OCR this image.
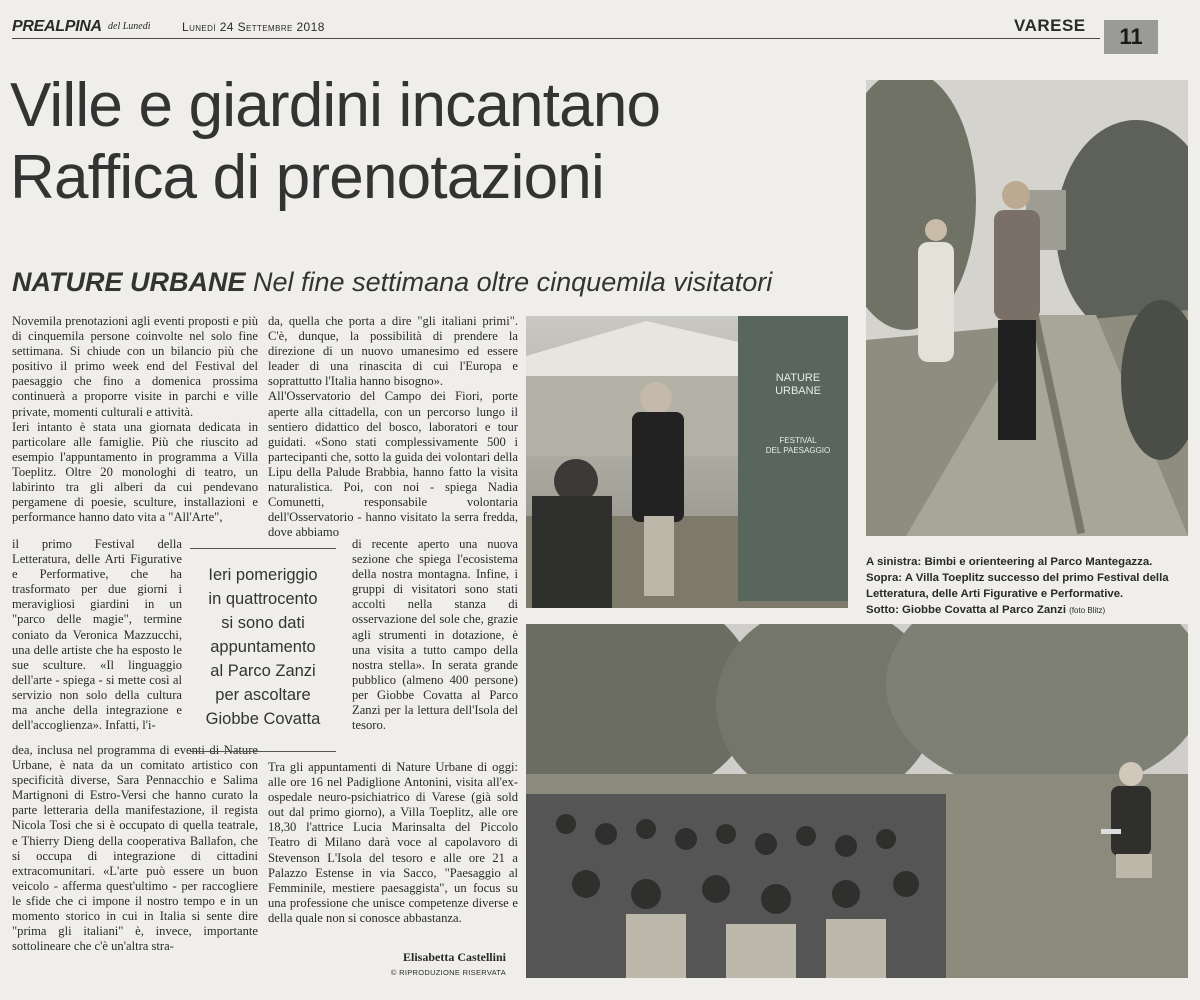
PREALPINA del Lunedì	Lunedì 24 Settembre 2018	VARESE	11
Ville e giardini incantano
Raffica di prenotazioni
NATURE URBANE Nel fine settimana oltre cinquemila visitatori

Novemila prenotazioni agli eventi proposti e più di cinquemila persone coinvolte nel solo fine settimana. Si chiude con un bilancio più che positivo il primo week end del Festival del paesaggio che fino a domenica prossima continuerà a proporre visite in parchi e ville private, momenti culturali e attività.

Ieri intanto è stata una giornata dedicata in particolare alle famiglie. Più che riuscito ad esempio l'appuntamento in programma a Villa Toeplitz. Oltre 20 monologhi di teatro, un labirinto tra gli alberi da cui pendevano pergamene di poesie, sculture, installazioni e performance hanno dato vita a "All'Arte",

il primo Festival della Letteratura, delle Arti Figurative e Performative, che ha trasformato per due giorni i meravigliosi giardini in un "parco delle magie", termine coniato da Veronica Mazzucchi, una delle artiste che ha esposto le sue sculture. «Il linguaggio dell'arte - spiega - si mette così al servizio non solo della cultura ma anche della integrazione e dell'accoglienza». Infatti, l'i-

dea, inclusa nel programma di eventi di Nature Urbane, è nata da un comitato artistico con specificità diverse, Sara Pennacchio e Salima Martignoni di Estro-Versi che hanno curato la parte letteraria della manifestazione, il regista Nicola Tosi che si è occupato di quella teatrale, e Thierry Dieng della cooperativa Ballafon, che si occupa di integrazione di cittadini extracomunitari. «L'arte può essere un buon veicolo - afferma quest'ultimo - per raccogliere le sfide che ci impone il nostro tempo e in un momento storico in cui in Italia si sente dire "prima gli italiani" è, invece, importante sottolineare che c'è un'altra stra-

Ieri pomeriggio
in quattrocento
si sono dati
appuntamento
al Parco Zanzi
per ascoltare
Giobbe Covatta

da, quella che porta a dire "gli italiani primi". C'è, dunque, la possibilità di prendere la direzione di un nuovo umanesimo ed essere leader di una rinascita di cui l'Europa e soprattutto l'Italia hanno bisogno».

All'Osservatorio del Campo dei Fiori, porte aperte alla cittadella, con un percorso lungo il sentiero didattico del bosco, laboratori e tour guidati. «Sono stati complessivamente 500 i partecipanti che, sotto la guida dei volontari della Lipu della Palude Brabbia, hanno fatto la visita naturalistica. Poi, con noi - spiega Nadia Comunetti, responsabile volontaria dell'Osservatorio - hanno visitato la serra fredda, dove abbiamo

di recente aperto una nuova sezione che spiega l'ecosistema della nostra montagna. Infine, i gruppi di visitatori sono stati accolti nella stanza di osservazione del sole che, grazie agli strumenti in dotazione, è una visita a tutto campo della nostra stella». In serata grande pubblico (almeno 400 persone) per Giobbe Covatta al Parco Zanzi per la lettura dell'Isola del tesoro.

Tra gli appuntamenti di Nature Urbane di oggi: alle ore 16 nel Padiglione Antonini, visita all'ex-ospedale neuro-psichiatrico di Varese (già sold out dal primo giorno), a Villa Toeplitz, alle ore 18,30 l'attrice Lucia Marinsalta del Piccolo Teatro di Milano darà voce al capolavoro di Stevenson L'Isola del tesoro e alle ore 21 a Palazzo Estense in via Sacco, "Paesaggio al Femminile, mestiere paesaggista", un focus su una professione che unisce competenze diverse e della quale non si conosce abbastanza.

Elisabetta Castellini
© RIPRODUZIONE RISERVATA
NATURE
URBANE
FESTIVAL
DEL PAESAGGIO
A sinistra: Bimbi e orienteering al Parco Mantegazza.
Sopra: A Villa Toeplitz successo del primo Festival della Letteratura, delle Arti Figurative e Performative.
Sotto: Giobbe Covatta al Parco Zanzi (foto Blitz)
